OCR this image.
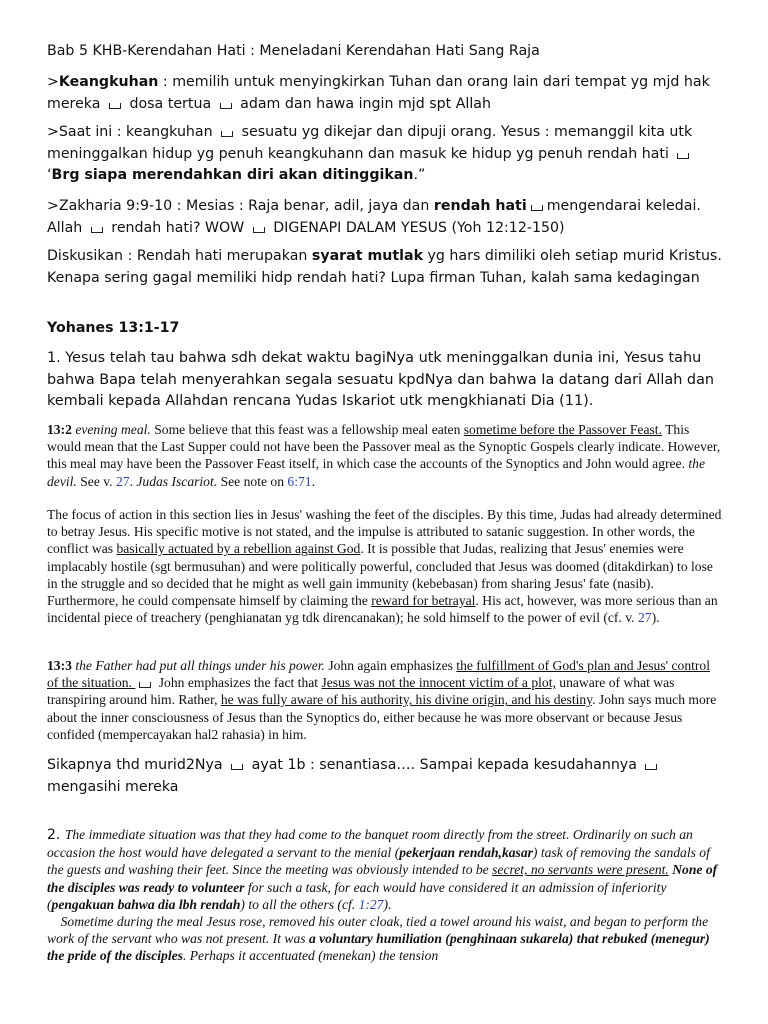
Bab 5 KHB-Kerendahan Hati : Meneladani Kerendahan Hati Sang Raja

>Keangkuhan : memilih untuk menyingkirkan Tuhan dan orang lain dari tempat yg mjd hak mereka  dosa tertua  adam dan hawa ingin mjd spt Allah

>Saat ini : keangkuhan  sesuatu yg dikejar dan dipuji orang. Yesus : memanggil kita utk meninggalkan hidup yg penuh keangkuhann dan masuk ke hidup yg penuh rendah hati  ‘Brg siapa merendahkan diri akan ditinggikan.”

>Zakharia 9:9-10 : Mesias : Raja benar, adil, jaya dan rendah hati mengendarai keledai. Allah  rendah hati? WOW  DIGENAPI DALAM YESUS (Yoh 12:12-150)

Diskusikan : Rendah hati merupakan syarat mutlak yg hars dimiliki oleh setiap murid Kristus. Kenapa sering gagal memiliki hidp rendah hati? Lupa firman Tuhan, kalah sama kedagingan

Yohanes 13:1-17

1. Yesus telah tau bahwa sdh dekat waktu bagiNya utk meninggalkan dunia ini, Yesus tahu bahwa Bapa telah menyerahkan segala sesuatu kpdNya dan bahwa Ia datang dari Allah dan kembali kepada Allahdan rencana Yudas Iskariot utk mengkhianati Dia (11).

13:2 evening meal. Some believe that this feast was a fellowship meal eaten sometime before the Passover Feast. This would mean that the Last Supper could not have been the Passover meal as the Synoptic Gospels clearly indicate. However, this meal may have been the Passover Feast itself, in which case the accounts of the Synoptics and John would agree. the devil. See v. 27. Judas Iscariot. See note on 6:71.

The focus of action in this section lies in Jesus' washing the feet of the disciples. By this time, Judas had already determined to betray Jesus. His specific motive is not stated, and the impulse is attributed to satanic suggestion. In other words, the conflict was basically actuated by a rebellion against God. It is possible that Judas, realizing that Jesus' enemies were implacably hostile (sgt bermusuhan) and were politically powerful, concluded that Jesus was doomed (ditakdirkan) to lose in the struggle and so decided that he might as well gain immunity (kebebasan) from sharing Jesus' fate (nasib). Furthermore, he could compensate himself by claiming the reward for betrayal. His act, however, was more serious than an incidental piece of treachery (penghianatan yg tdk direncanakan); he sold himself to the power of evil (cf. v. 27).

13:3 the Father had put all things under his power. John again emphasizes the fulfillment of God's plan and Jesus' control of the situation.  John emphasizes the fact that Jesus was not the innocent victim of a plot, unaware of what was transpiring around him. Rather, he was fully aware of his authority, his divine origin, and his destiny. John says much more about the inner consciousness of Jesus than the Synoptics do, either because he was more observant or because Jesus confided (mempercayakan hal2 rahasia) in him.

Sikapnya thd murid2Nya  ayat 1b : senantiasa…. Sampai kepada kesudahannya  mengasihi mereka

2. The immediate situation was that they had come to the banquet room directly from the street. Ordinarily on such an occasion the host would have delegated a servant to the menial (pekerjaan rendah,kasar) task of removing the sandals of the guests and washing their feet. Since the meeting was obviously intended to be secret, no servants were present. None of the disciples was ready to volunteer for such a task, for each would have considered it an admission of inferiority (pengakuan bahwa dia lbh rendah) to all the others (cf. 1:27).
Sometime during the meal Jesus rose, removed his outer cloak, tied a towel around his waist, and began to perform the work of the servant who was not present. It was a voluntary humiliation (penghinaan sukarela) that rebuked (menegur) the pride of the disciples. Perhaps it accentuated (menekan) the tension
